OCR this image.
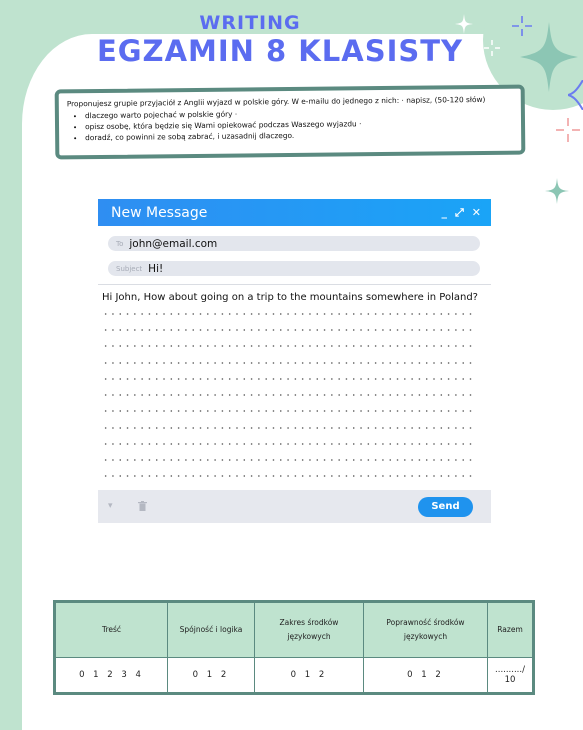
WRITING
EGZAMIN 8 KLASISTY

Proponujesz grupie przyjaciół z Anglii wyjazd w polskie góry. W e-mailu do jednego z nich: · napisz, (50-120 słów)

• dlaczego warto pojechać w polskie góry ·
• opisz osobę, która będzie się Wami opiekować podczas Waszego wyjazdu ·
• doradź, co powinni ze sobą zabrać, i uzasadnij dlaczego.
New Message	_ ⤢ ✕
To john@email.com
Subject Hi!
Hi John, How about going on a trip to the mountains somewhere in Poland?
▾	Send
Treść	Spójność i logika	Zakres środków językowych	Poprawność środków językowych	Razem
0 1 2 3 4	0 1 2	0 1 2	0 1 2	........../ 10
